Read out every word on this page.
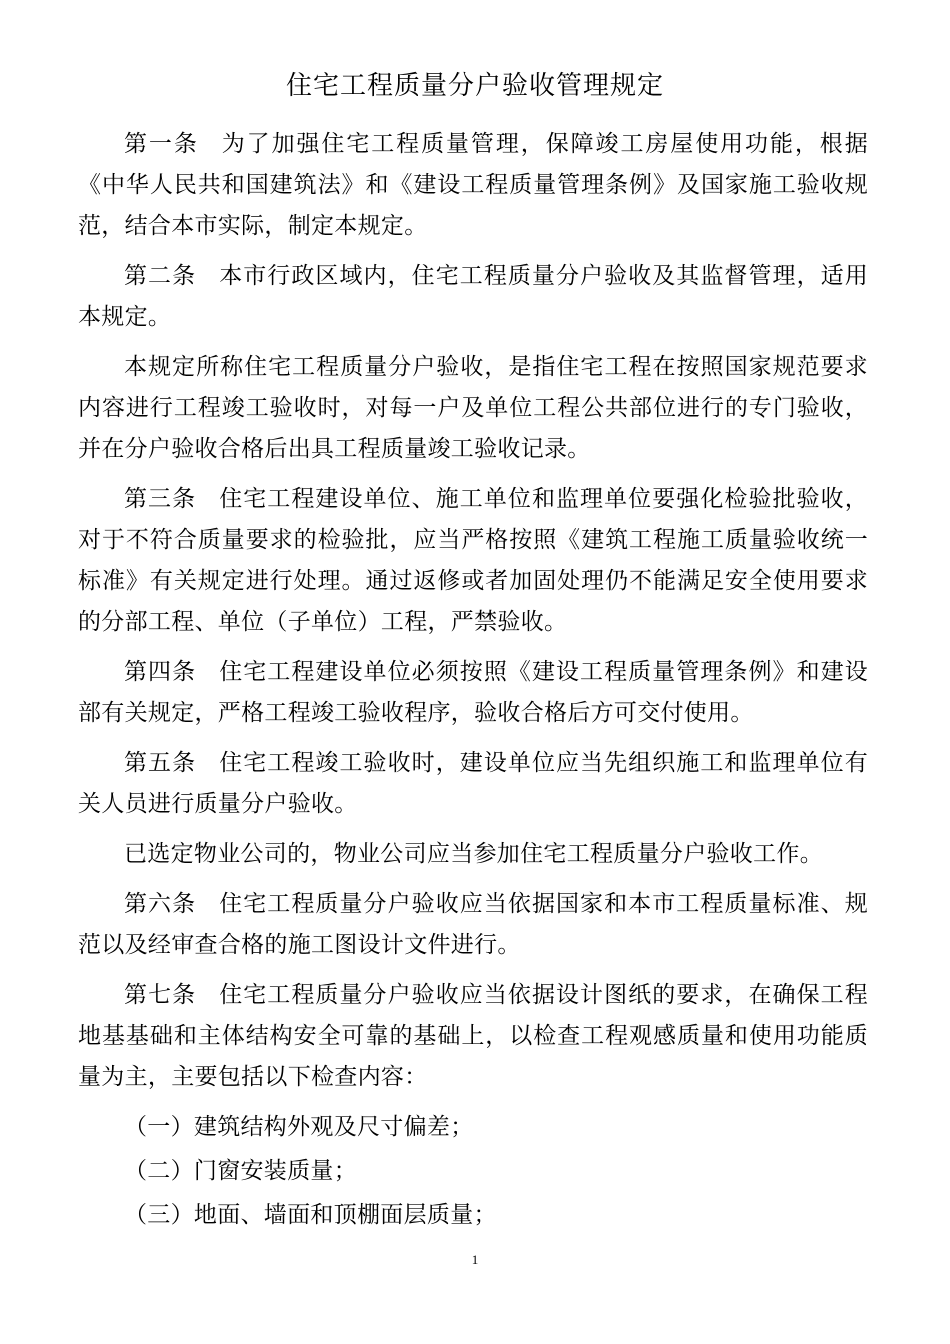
住宅工程质量分户验收管理规定

第一条 为了加强住宅工程质量管理，保障竣工房屋使用功能，根据《中华人民共和国建筑法》和《建设工程质量管理条例》及国家施工验收规范，结合本市实际，制定本规定。

第二条 本市行政区域内，住宅工程质量分户验收及其监督管理，适用本规定。

本规定所称住宅工程质量分户验收，是指住宅工程在按照国家规范要求内容进行工程竣工验收时，对每一户及单位工程公共部位进行的专门验收，并在分户验收合格后出具工程质量竣工验收记录。

第三条 住宅工程建设单位、施工单位和监理单位要强化检验批验收，对于不符合质量要求的检验批，应当严格按照《建筑工程施工质量验收统一标准》有关规定进行处理。通过返修或者加固处理仍不能满足安全使用要求的分部工程、单位（子单位）工程，严禁验收。

第四条 住宅工程建设单位必须按照《建设工程质量管理条例》和建设部有关规定，严格工程竣工验收程序，验收合格后方可交付使用。

第五条 住宅工程竣工验收时，建设单位应当先组织施工和监理单位有关人员进行质量分户验收。

已选定物业公司的，物业公司应当参加住宅工程质量分户验收工作。

第六条 住宅工程质量分户验收应当依据国家和本市工程质量标准、规范以及经审查合格的施工图设计文件进行。

第七条 住宅工程质量分户验收应当依据设计图纸的要求，在确保工程地基基础和主体结构安全可靠的基础上，以检查工程观感质量和使用功能质量为主，主要包括以下检查内容：

（一）建筑结构外观及尺寸偏差；

（二）门窗安装质量；

（三）地面、墙面和顶棚面层质量；

1
